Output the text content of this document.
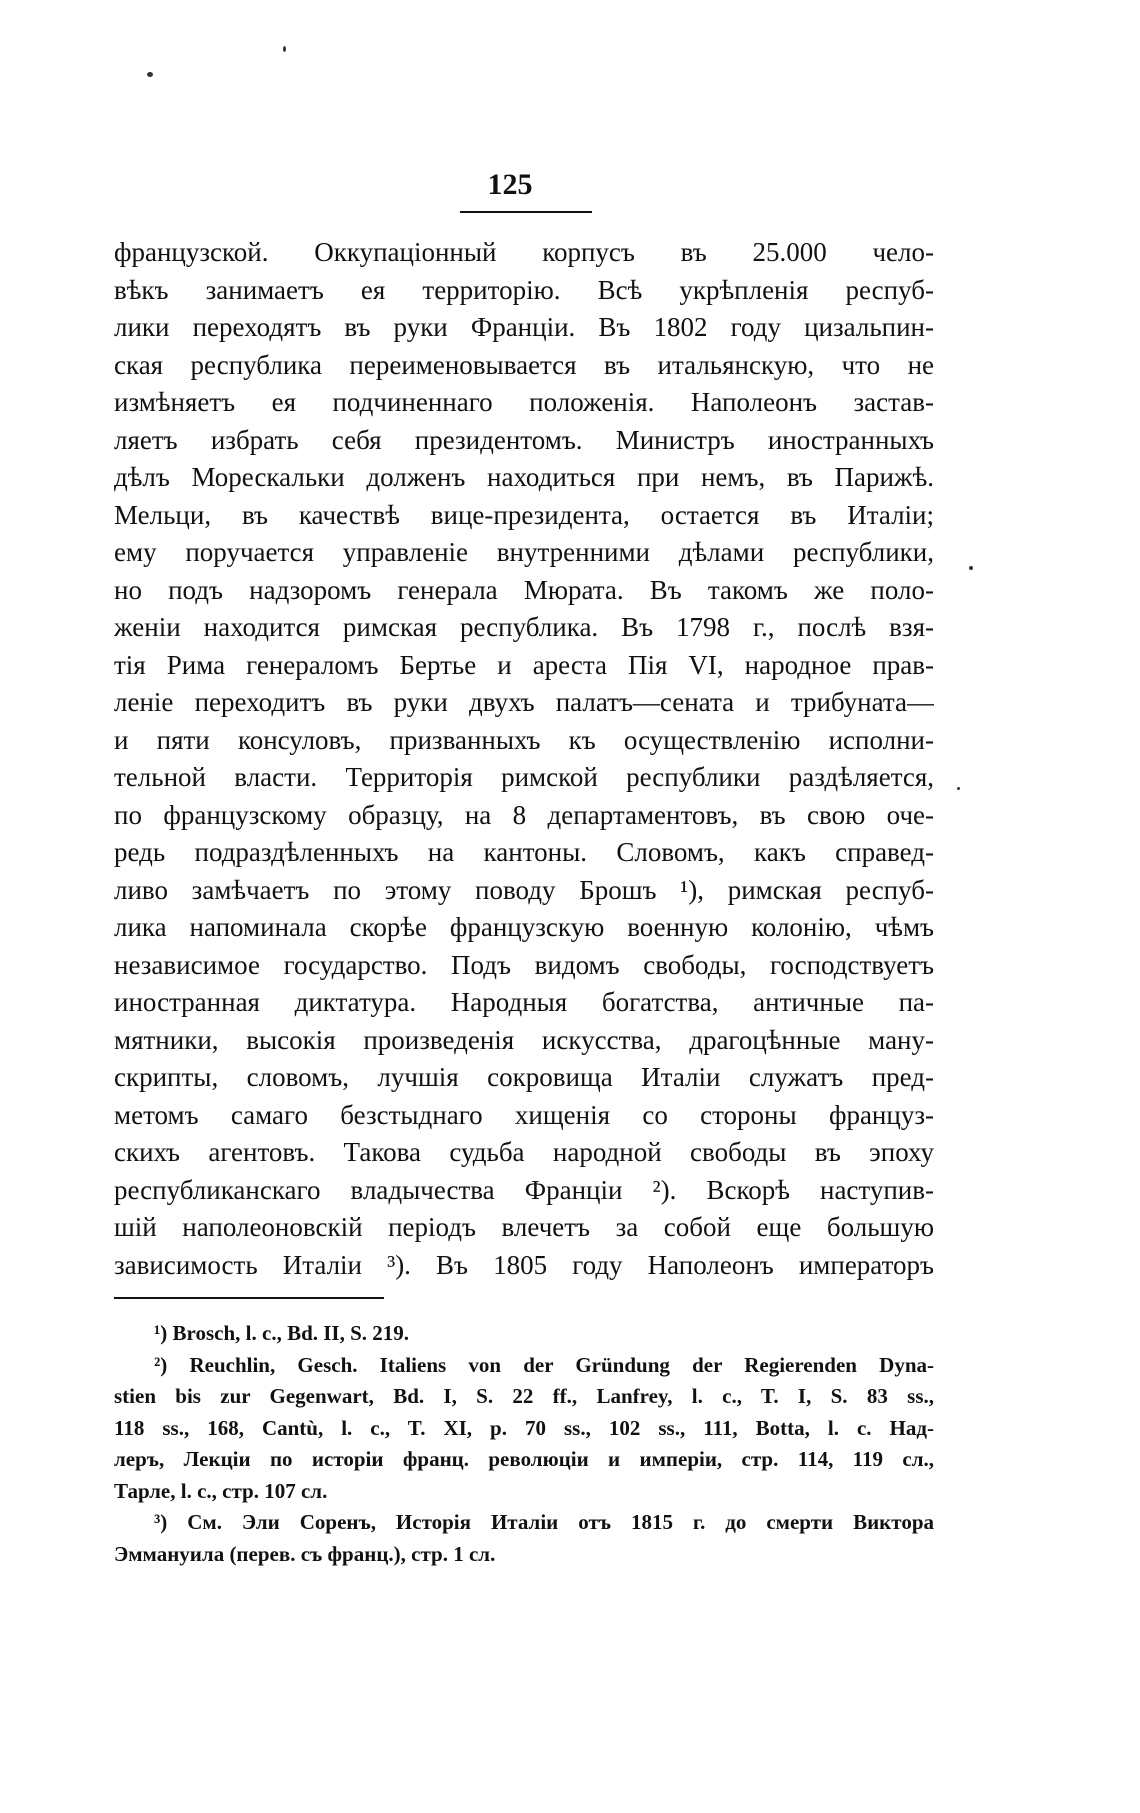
125
французской. Оккупаціонный корпусъ въ 25.000 чело-
вѣкъ занимаетъ ея территорію. Всѣ укрѣпленія респуб-
лики переходятъ въ руки Франціи. Въ 1802 году цизальпин-
ская республика переименовывается въ итальянскую, что не
измѣняетъ ея подчиненнаго положенія. Наполеонъ застав-
ляетъ избрать себя президентомъ. Министръ иностранныхъ
дѣлъ Морескальки долженъ находиться при немъ, въ Парижѣ.
Мельци, въ качествѣ вице-президента, остается въ Италіи;
ему поручается управленіе внутренними дѣлами республики,
но подъ надзоромъ генерала Мюрата. Въ такомъ же поло-
женіи находится римская республика. Въ 1798 г., послѣ взя-
тія Рима генераломъ Бертье и ареста Пія VI, народное прав-
леніе переходитъ въ руки двухъ палатъ—сената и трибуната—
и пяти консуловъ, призванныхъ къ осуществленію исполни-
тельной власти. Территорія римской республики раздѣляется,
по французскому образцу, на 8 департаментовъ, въ свою оче-
редь подраздѣленныхъ на кантоны. Словомъ, какъ справед-
ливо замѣчаетъ по этому поводу Брошъ ¹), римская респуб-
лика напоминала скорѣе французскую военную колонію, чѣмъ
независимое государство. Подъ видомъ свободы, господствуетъ
иностранная диктатура. Народныя богатства, античные па-
мятники, высокія произведенія искусства, драгоцѣнные ману-
скрипты, словомъ, лучшія сокровища Италіи служатъ пред-
метомъ самаго безстыднаго хищенія со стороны француз-
скихъ агентовъ. Такова судьба народной свободы въ эпоху
республиканскаго владычества Франціи ²). Вскорѣ наступив-
шій наполеоновскій періодъ влечетъ за собой еще большую
зависимость Италіи ³). Въ 1805 году Наполеонъ императоръ
¹) Brosch, l. c., Bd. II, S. 219.
²) Reuchlin, Gesch. Italiens von der Gründung der Regierenden Dyna-
stien bis zur Gegenwart, Bd. I, S. 22 ff., Lanfrey, l. c., T. I, S. 83 ss.,
118 ss., 168, Cantù, l. c., T. XI, p. 70 ss., 102 ss., 111, Botta, l. c. Над-
леръ, Лекціи по исторіи франц. революціи и имперіи, стр. 114, 119 сл.,
Тарле, l. c., стр. 107 сл.
³) См. Эли Соренъ, Исторія Италіи отъ 1815 г. до смерти Виктора
Эммануила (перев. съ франц.), стр. 1 сл.
